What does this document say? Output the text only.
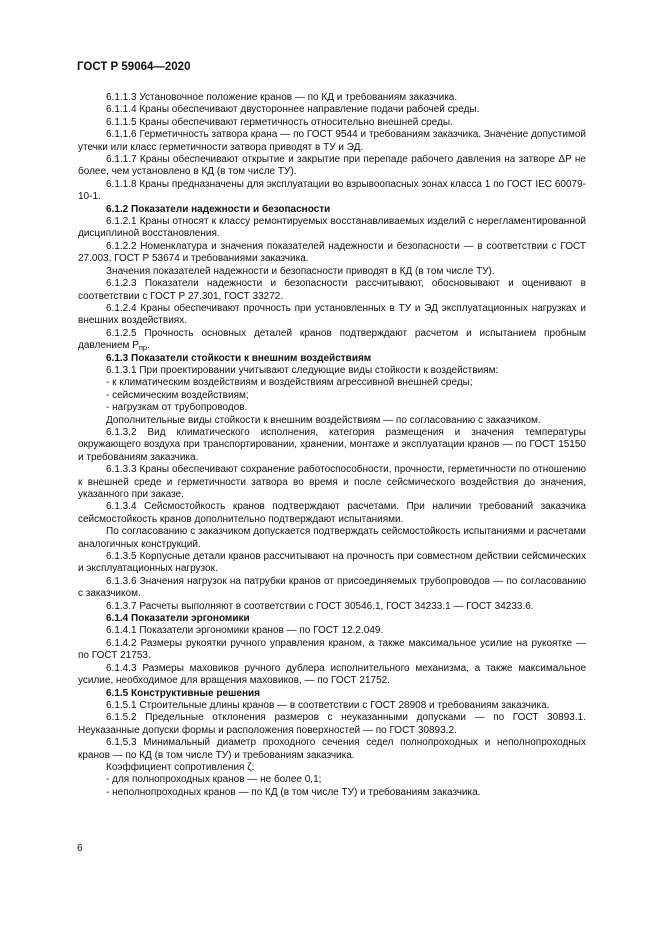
ГОСТ Р 59064—2020

6.1.1.3 Установочное положение кранов — по КД и требованиям заказчика.

6.1.1.4 Краны обеспечивают двустороннее направление подачи рабочей среды.

6.1.1.5 Краны обеспечивают герметичность относительно внешней среды.

6.1.1.6 Герметичность затвора крана — по ГОСТ 9544 и требованиям заказчика. Значение допустимой утечки или класс герметичности затвора приводят в ТУ и ЭД.

6.1.1.7 Краны обеспечивают открытие и закрытие при перепаде рабочего давления на затворе ΔP не более, чем установлено в КД (в том числе ТУ).

6.1.1.8 Краны предназначены для эксплуатации во взрывоопасных зонах класса 1 по ГОСТ IEC 60079-10-1.

6.1.2 Показатели надежности и безопасности

6.1.2.1 Краны относят к классу ремонтируемых восстанавливаемых изделий с нерегламентированной дисциплиной восстановления.

6.1.2.2 Номенклатура и значения показателей надежности и безопасности — в соответствии с ГОСТ 27.003, ГОСТ Р 53674 и требованиями заказчика.

Значения показателей надежности и безопасности приводят в КД (в том числе ТУ).

6.1.2.3 Показатели надежности и безопасности рассчитывают, обосновывают и оценивают в соответствии с ГОСТ Р 27.301, ГОСТ 33272.

6.1.2.4 Краны обеспечивают прочность при установленных в ТУ и ЭД эксплуатационных нагрузках и внешних воздействиях.

6.1.2.5 Прочность основных деталей кранов подтверждают расчетом и испытанием пробным давлением $P_{пр}$.

6.1.3 Показатели стойкости к внешним воздействиям

6.1.3.1 При проектировании учитывают следующие виды стойкости к воздействиям:

- к климатическим воздействиям и воздействиям агрессивной внешней среды;

- сейсмическим воздействиям;

- нагрузкам от трубопроводов.

Дополнительные виды стойкости к внешним воздействиям — по согласованию с заказчиком.

6.1.3.2 Вид климатического исполнения, категория размещения и значения температуры окружающего воздуха при транспортировании, хранении, монтаже и эксплуатации кранов — по ГОСТ 15150 и требованиям заказчика.

6.1.3.3 Краны обеспечивают сохранение работоспособности, прочности, герметичности по отношению к внешней среде и герметичности затвора во время и после сейсмического воздействия до значения, указанного при заказе.

6.1.3.4 Сейсмостойкость кранов подтверждают расчетами. При наличии требований заказчика сейсмостойкость кранов дополнительно подтверждают испытаниями.

По согласованию с заказчиком допускается подтверждать сейсмостойкость испытаниями и расчетами аналогичных конструкций.

6.1.3.5 Корпусные детали кранов рассчитывают на прочность при совместном действии сейсмических и эксплуатационных нагрузок.

6.1.3.6 Значения нагрузок на патрубки кранов от присоединяемых трубопроводов — по согласованию с заказчиком.

6.1.3.7 Расчеты выполняют в соответствии с ГОСТ 30546.1, ГОСТ 34233.1 — ГОСТ 34233.6.

6.1.4 Показатели эргономики

6.1.4.1 Показатели эргономики кранов — по ГОСТ 12.2.049.

6.1.4.2 Размеры рукоятки ручного управления краном, а также максимальное усилие на рукоятке — по ГОСТ 21753.

6.1.4.3 Размеры маховиков ручного дублера исполнительного механизма, а также максимальное усилие, необходимое для вращения маховиков, — по ГОСТ 21752.

6.1.5 Конструктивные решения

6.1.5.1 Строительные длины кранов — в соответствии с ГОСТ 28908 и требованиям заказчика.

6.1.5.2 Предельные отклонения размеров с неуказанными допусками — по ГОСТ 30893.1. Неуказанные допуски формы и расположения поверхностей — по ГОСТ 30893.2.

6.1.5.3 Минимальный диаметр проходного сечения седел полнопроходных и неполнопроходных кранов — по КД (в том числе ТУ) и требованиям заказчика.

Коэффициент сопротивления ζ:

- для полнопроходных кранов — не более 0,1;

- неполнопроходных кранов — по КД (в том числе ТУ) и требованиям заказчика.

6
